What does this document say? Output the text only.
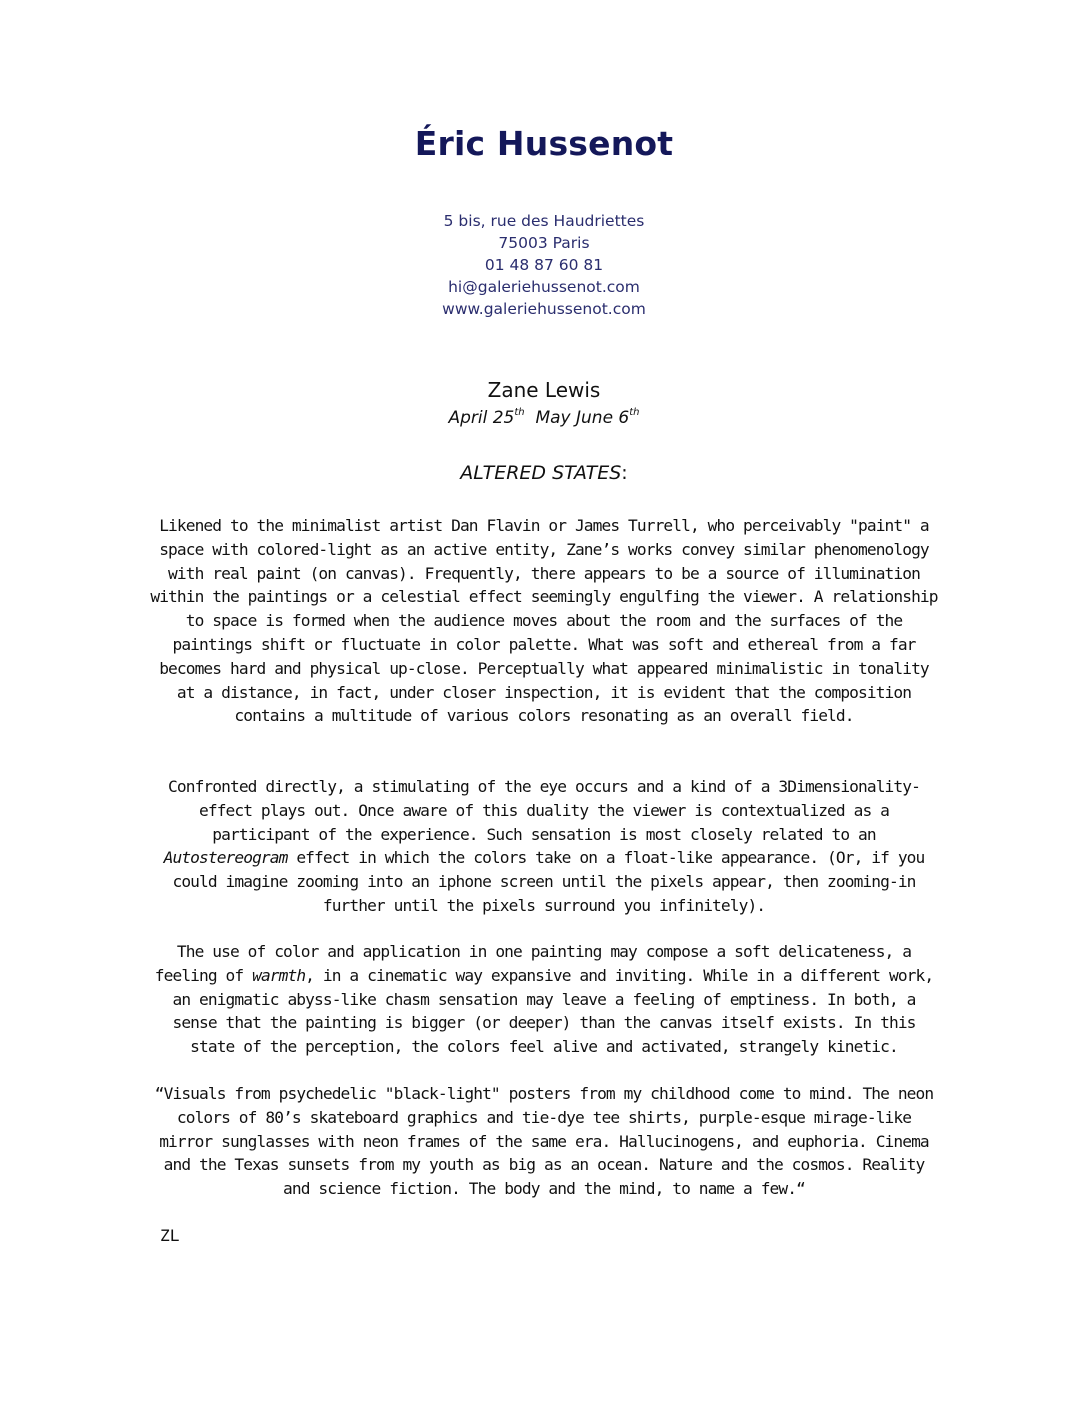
Éric Hussenot
5 bis, rue des Haudriettes
75003 Paris
01 48 87 60 81
hi@galeriehussenot.com
www.galeriehussenot.com
Zane Lewis
April 25th May June 6th
ALTERED STATES:

Likened to the minimalist artist Dan Flavin or James Turrell, who perceivably "paint" a space with colored-light as an active entity, Zane’s works convey similar phenomenology with real paint (on canvas). Frequently, there appears to be a source of illumination within the paintings or a celestial effect seemingly engulfing the viewer. A relationship to space is formed when the audience moves about the room and the surfaces of the paintings shift or fluctuate in color palette. What was soft and ethereal from a far becomes hard and physical up-close. Perceptually what appeared minimalistic in tonality at a distance, in fact, under closer inspection, it is evident that the composition contains a multitude of various colors resonating as an overall field.

Confronted directly, a stimulating of the eye occurs and a kind of a 3Dimensionality-effect plays out. Once aware of this duality the viewer is contextualized as a participant of the experience. Such sensation is most closely related to an Autostereogram effect in which the colors take on a float-like appearance. (Or, if you could imagine zooming into an iphone screen until the pixels appear, then zooming-in further until the pixels surround you infinitely).

The use of color and application in one painting may compose a soft delicateness, a feeling of warmth, in a cinematic way expansive and inviting. While in a different work, an enigmatic abyss-like chasm sensation may leave a feeling of emptiness. In both, a sense that the painting is bigger (or deeper) than the canvas itself exists. In this state of the perception, the colors feel alive and activated, strangely kinetic.

“Visuals from psychedelic "black-light" posters from my childhood come to mind. The neon colors of 80’s skateboard graphics and tie-dye tee shirts, purple-esque mirage-like mirror sunglasses with neon frames of the same era. Hallucinogens, and euphoria. Cinema and the Texas sunsets from my youth as big as an ocean. Nature and the cosmos. Reality and science fiction. The body and the mind, to name a few.“

ZL
